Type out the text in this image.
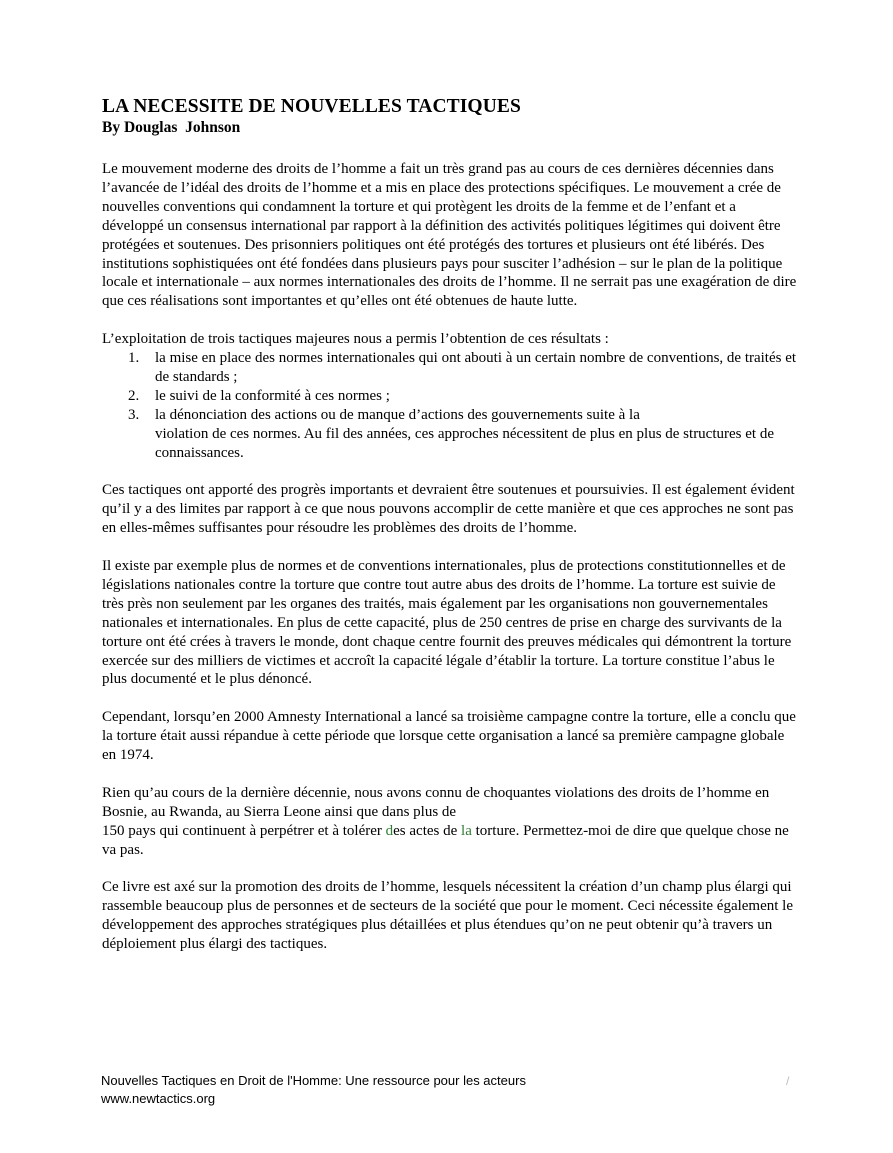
LA NECESSITE DE NOUVELLES TACTIQUES
By Douglas  Johnson

Le mouvement moderne des droits de l’homme a fait un très grand pas au cours de ces dernières décennies dans l’avancée de l’idéal des droits de l’homme et a mis en place des protections spécifiques. Le mouvement a crée de nouvelles conventions qui condamnent la torture et qui protègent les droits de la femme et de l’enfant et a développé un consensus international par rapport à la définition des activités politiques légitimes qui doivent être protégées et soutenues. Des prisonniers politiques ont été protégés des tortures et plusieurs ont été libérés. Des institutions sophistiquées ont été fondées dans plusieurs pays pour susciter l’adhésion – sur le plan de la politique locale et internationale – aux normes internationales des droits de l’homme. Il ne serrait pas une exagération de dire que ces réalisations sont importantes et qu’elles ont été obtenues de haute lutte.

L’exploitation de trois tactiques majeures nous a permis l’obtention de ces résultats :
1. la mise en place des normes internationales qui ont abouti à un certain nombre de conventions, de traités et de standards ;
2. le suivi de la conformité à ces normes ;
3. la dénonciation des actions ou de manque d’actions des gouvernements suite à la
violation de ces normes. Au fil des années, ces approches nécessitent de plus en plus de structures et de connaissances.

Ces tactiques ont apporté des progrès importants et devraient être soutenues et poursuivies. Il est également évident qu’il y a des limites par rapport à ce que nous pouvons accomplir de cette manière et que ces approches ne sont pas en elles-mêmes suffisantes pour résoudre les problèmes des droits de l’homme.

Il existe par exemple plus de normes et de conventions internationales, plus de protections constitutionnelles et de législations nationales contre la torture que contre tout autre abus des droits de l’homme. La torture est suivie de très près non seulement par les organes des traités, mais également par les organisations non gouvernementales nationales et internationales. En plus de cette capacité, plus de 250 centres de prise en charge des survivants de la torture ont été crées à travers le monde, dont chaque centre fournit des preuves médicales qui démontrent la torture exercée sur des milliers de victimes et accroît la capacité légale d’établir la torture. La torture constitue l’abus le plus documenté et le plus dénoncé.

Cependant, lorsqu’en 2000 Amnesty International a lancé sa troisième campagne contre la torture, elle a conclu que la torture était aussi répandue à cette période que lorsque cette organisation a lancé sa première campagne globale en 1974.

Rien qu’au cours de la dernière décennie, nous avons connu de choquantes violations des droits de l’homme en Bosnie, au Rwanda, au Sierra Leone ainsi que dans plus de
150 pays qui continuent à perpétrer et à tolérer des actes de la torture. Permettez-moi de dire que quelque chose ne va pas.

Ce livre est axé sur la promotion des droits de l’homme, lesquels nécessitent la création d’un champ plus élargi qui rassemble beaucoup plus de personnes et de secteurs de la société que pour le moment. Ceci nécessite également le développement des approches stratégiques plus détaillées et plus étendues qu’on ne peut obtenir qu’à travers un déploiement plus élargi des tactiques.

Nouvelles Tactiques en Droit de l'Homme: Une ressource pour les acteurs
www.newtactics.org
/
